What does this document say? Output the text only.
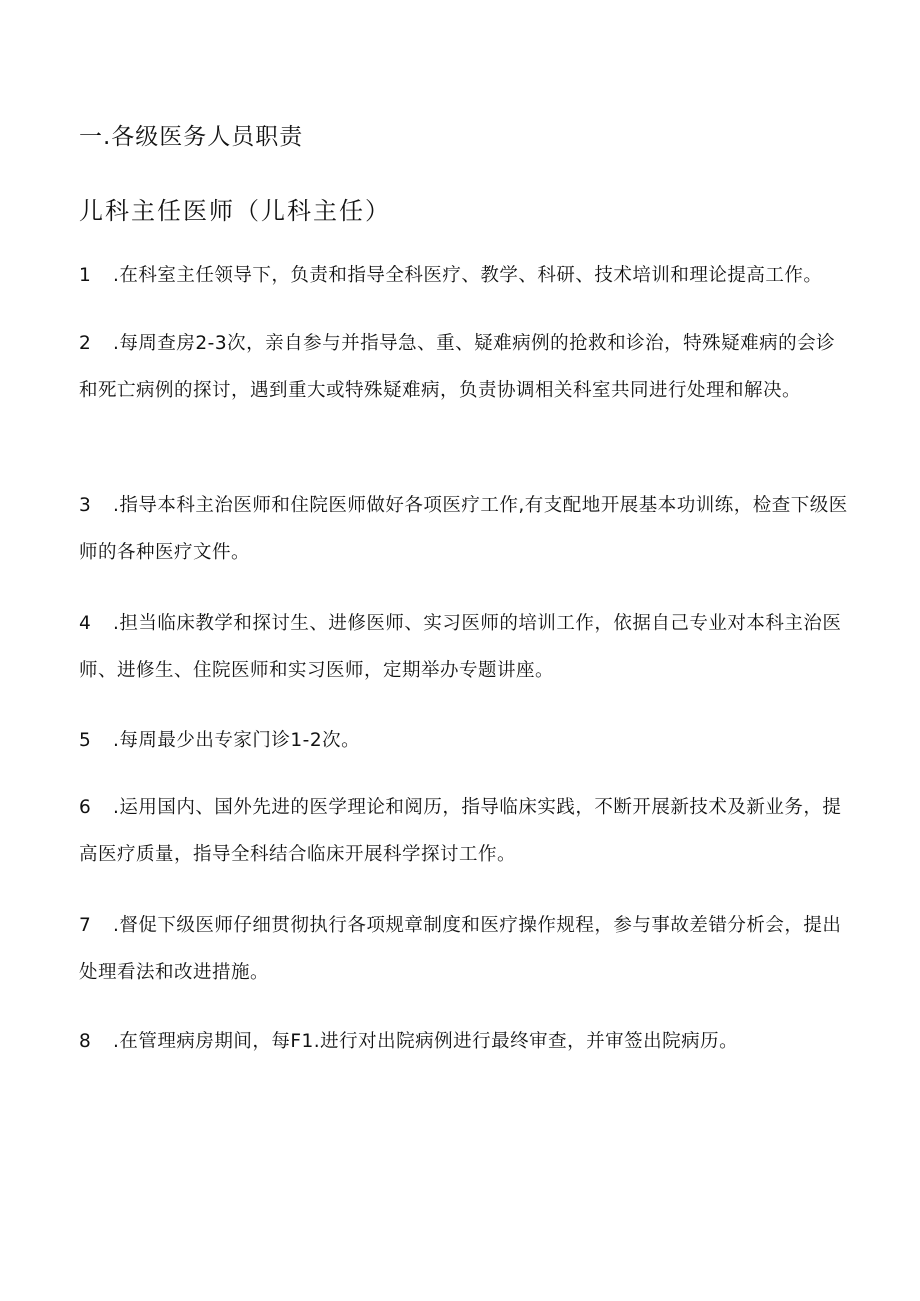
一.各级医务人员职责
儿科主任医师（儿科主任）

1 .在科室主任领导下，负责和指导全科医疗、教学、科研、技术培训和理论提高工作。

2 .每周查房2-3次，亲自参与并指导急、重、疑难病例的抢救和诊治，特殊疑难病的会诊和死亡病例的探讨，遇到重大或特殊疑难病，负责协调相关科室共同进行处理和解决。

3 .指导本科主治医师和住院医师做好各项医疗工作,有支配地开展基本功训练，检查下级医师的各种医疗文件。

4 .担当临床教学和探讨生、进修医师、实习医师的培训工作，依据自己专业对本科主治医师、进修生、住院医师和实习医师，定期举办专题讲座。

5 .每周最少出专家门诊1-2次。

6 .运用国内、国外先进的医学理论和阅历，指导临床实践，不断开展新技术及新业务，提高医疗质量，指导全科结合临床开展科学探讨工作。

7 .督促下级医师仔细贯彻执行各项规章制度和医疗操作规程，参与事故差错分析会，提出处理看法和改进措施。

8 .在管理病房期间，每F1.进行对出院病例进行最终审查，并审签出院病历。
